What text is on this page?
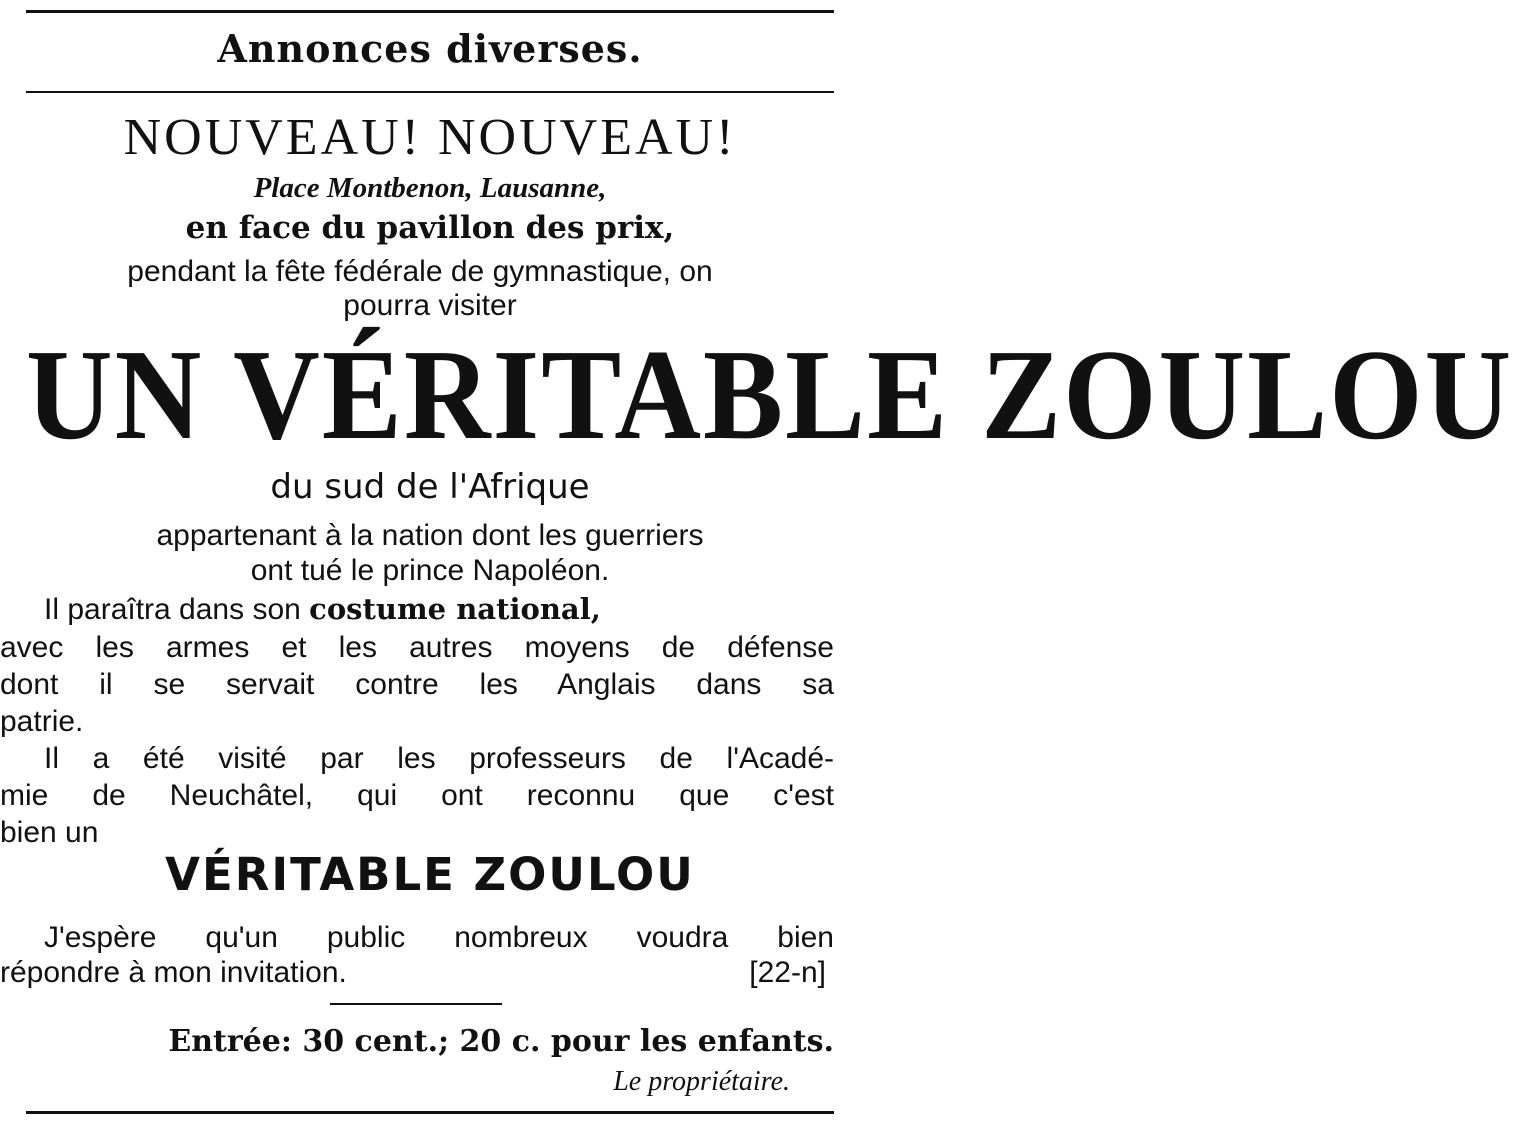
Annonces diverses.
NOUVEAU! NOUVEAU!
Place Montbenon, Lausanne,
en face du pavillon des prix,
pendant la fête fédérale de gymnastique, on
pourra visiter
UN VÉRITABLE ZOULOU
du sud de l'Afrique
appartenant à la nation dont les guerriers
ont tué le prince Napoléon.
Il paraîtra dans son costume national,
avec les armes et les autres moyens de défense
dont il se servait contre les Anglais dans sa
patrie.
Il a été visité par les professeurs de l'Acadé-
mie de Neuchâtel, qui ont reconnu que c'est
bien un
VÉRITABLE ZOULOU
J'espère qu'un public nombreux voudra bien
répondre à mon invitation.	[22-n]
Entrée: 30 cent.; 20 c. pour les enfants.
Le propriétaire.
